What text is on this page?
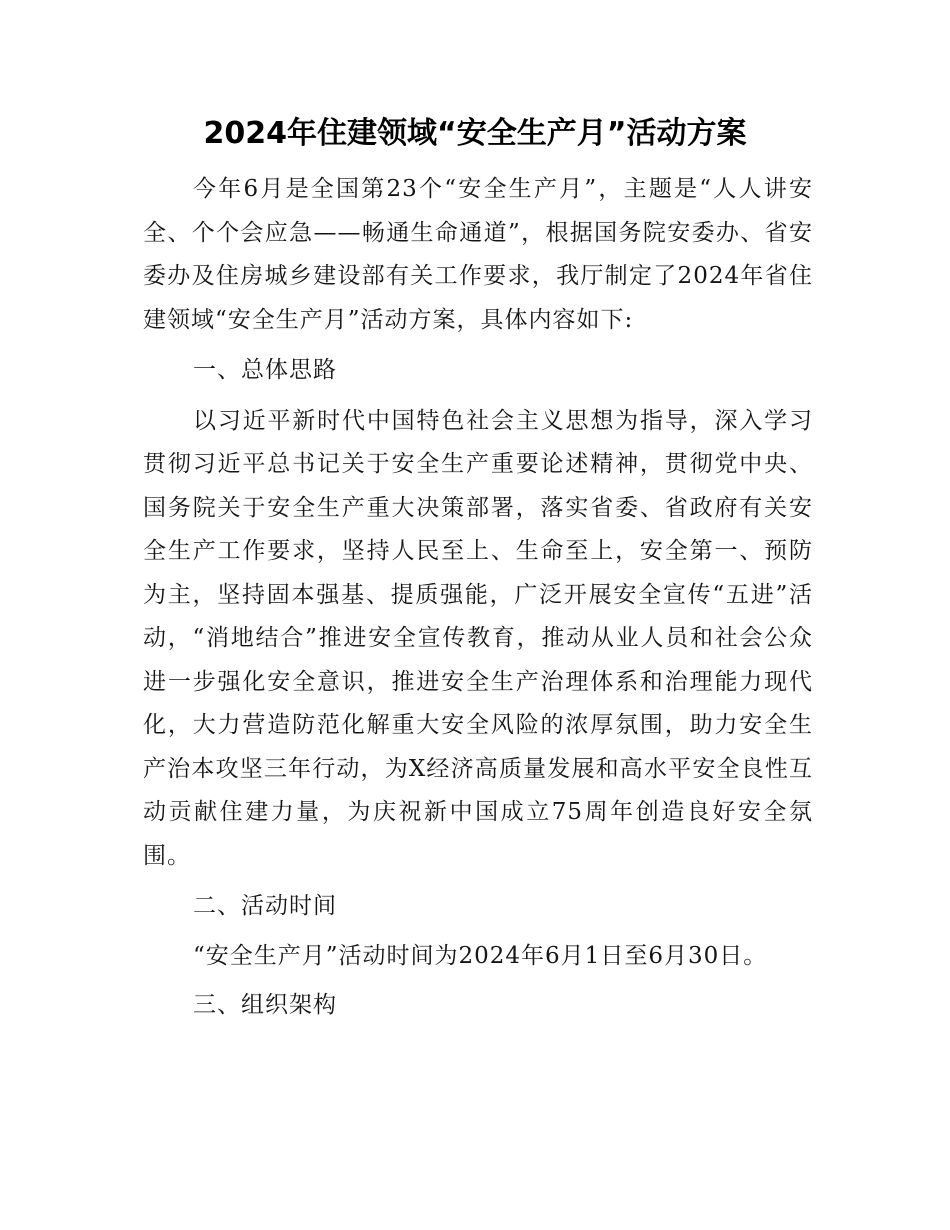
2024年住建领域“安全生产月”活动方案

今年6月是全国第23个“安全生产月”，主题是“人人讲安全、个个会应急——畅通生命通道”，根据国务院安委办、省安委办及住房城乡建设部有关工作要求，我厅制定了2024年省住建领域“安全生产月”活动方案，具体内容如下:

一、总体思路

以习近平新时代中国特色社会主义思想为指导，深入学习贯彻习近平总书记关于安全生产重要论述精神，贯彻党中央、国务院关于安全生产重大决策部署，落实省委、省政府有关安全生产工作要求，坚持人民至上、生命至上，安全第一、预防为主，坚持固本强基、提质强能，广泛开展安全宣传“五进”活动，“消地结合”推进安全宣传教育，推动从业人员和社会公众进一步强化安全意识，推进安全生产治理体系和治理能力现代化，大力营造防范化解重大安全风险的浓厚氛围，助力安全生产治本攻坚三年行动，为X经济高质量发展和高水平安全良性互动贡献住建力量，为庆祝新中国成立75周年创造良好安全氛围。

二、活动时间

“安全生产月”活动时间为2024年6月1日至6月30日。

三、组织架构
